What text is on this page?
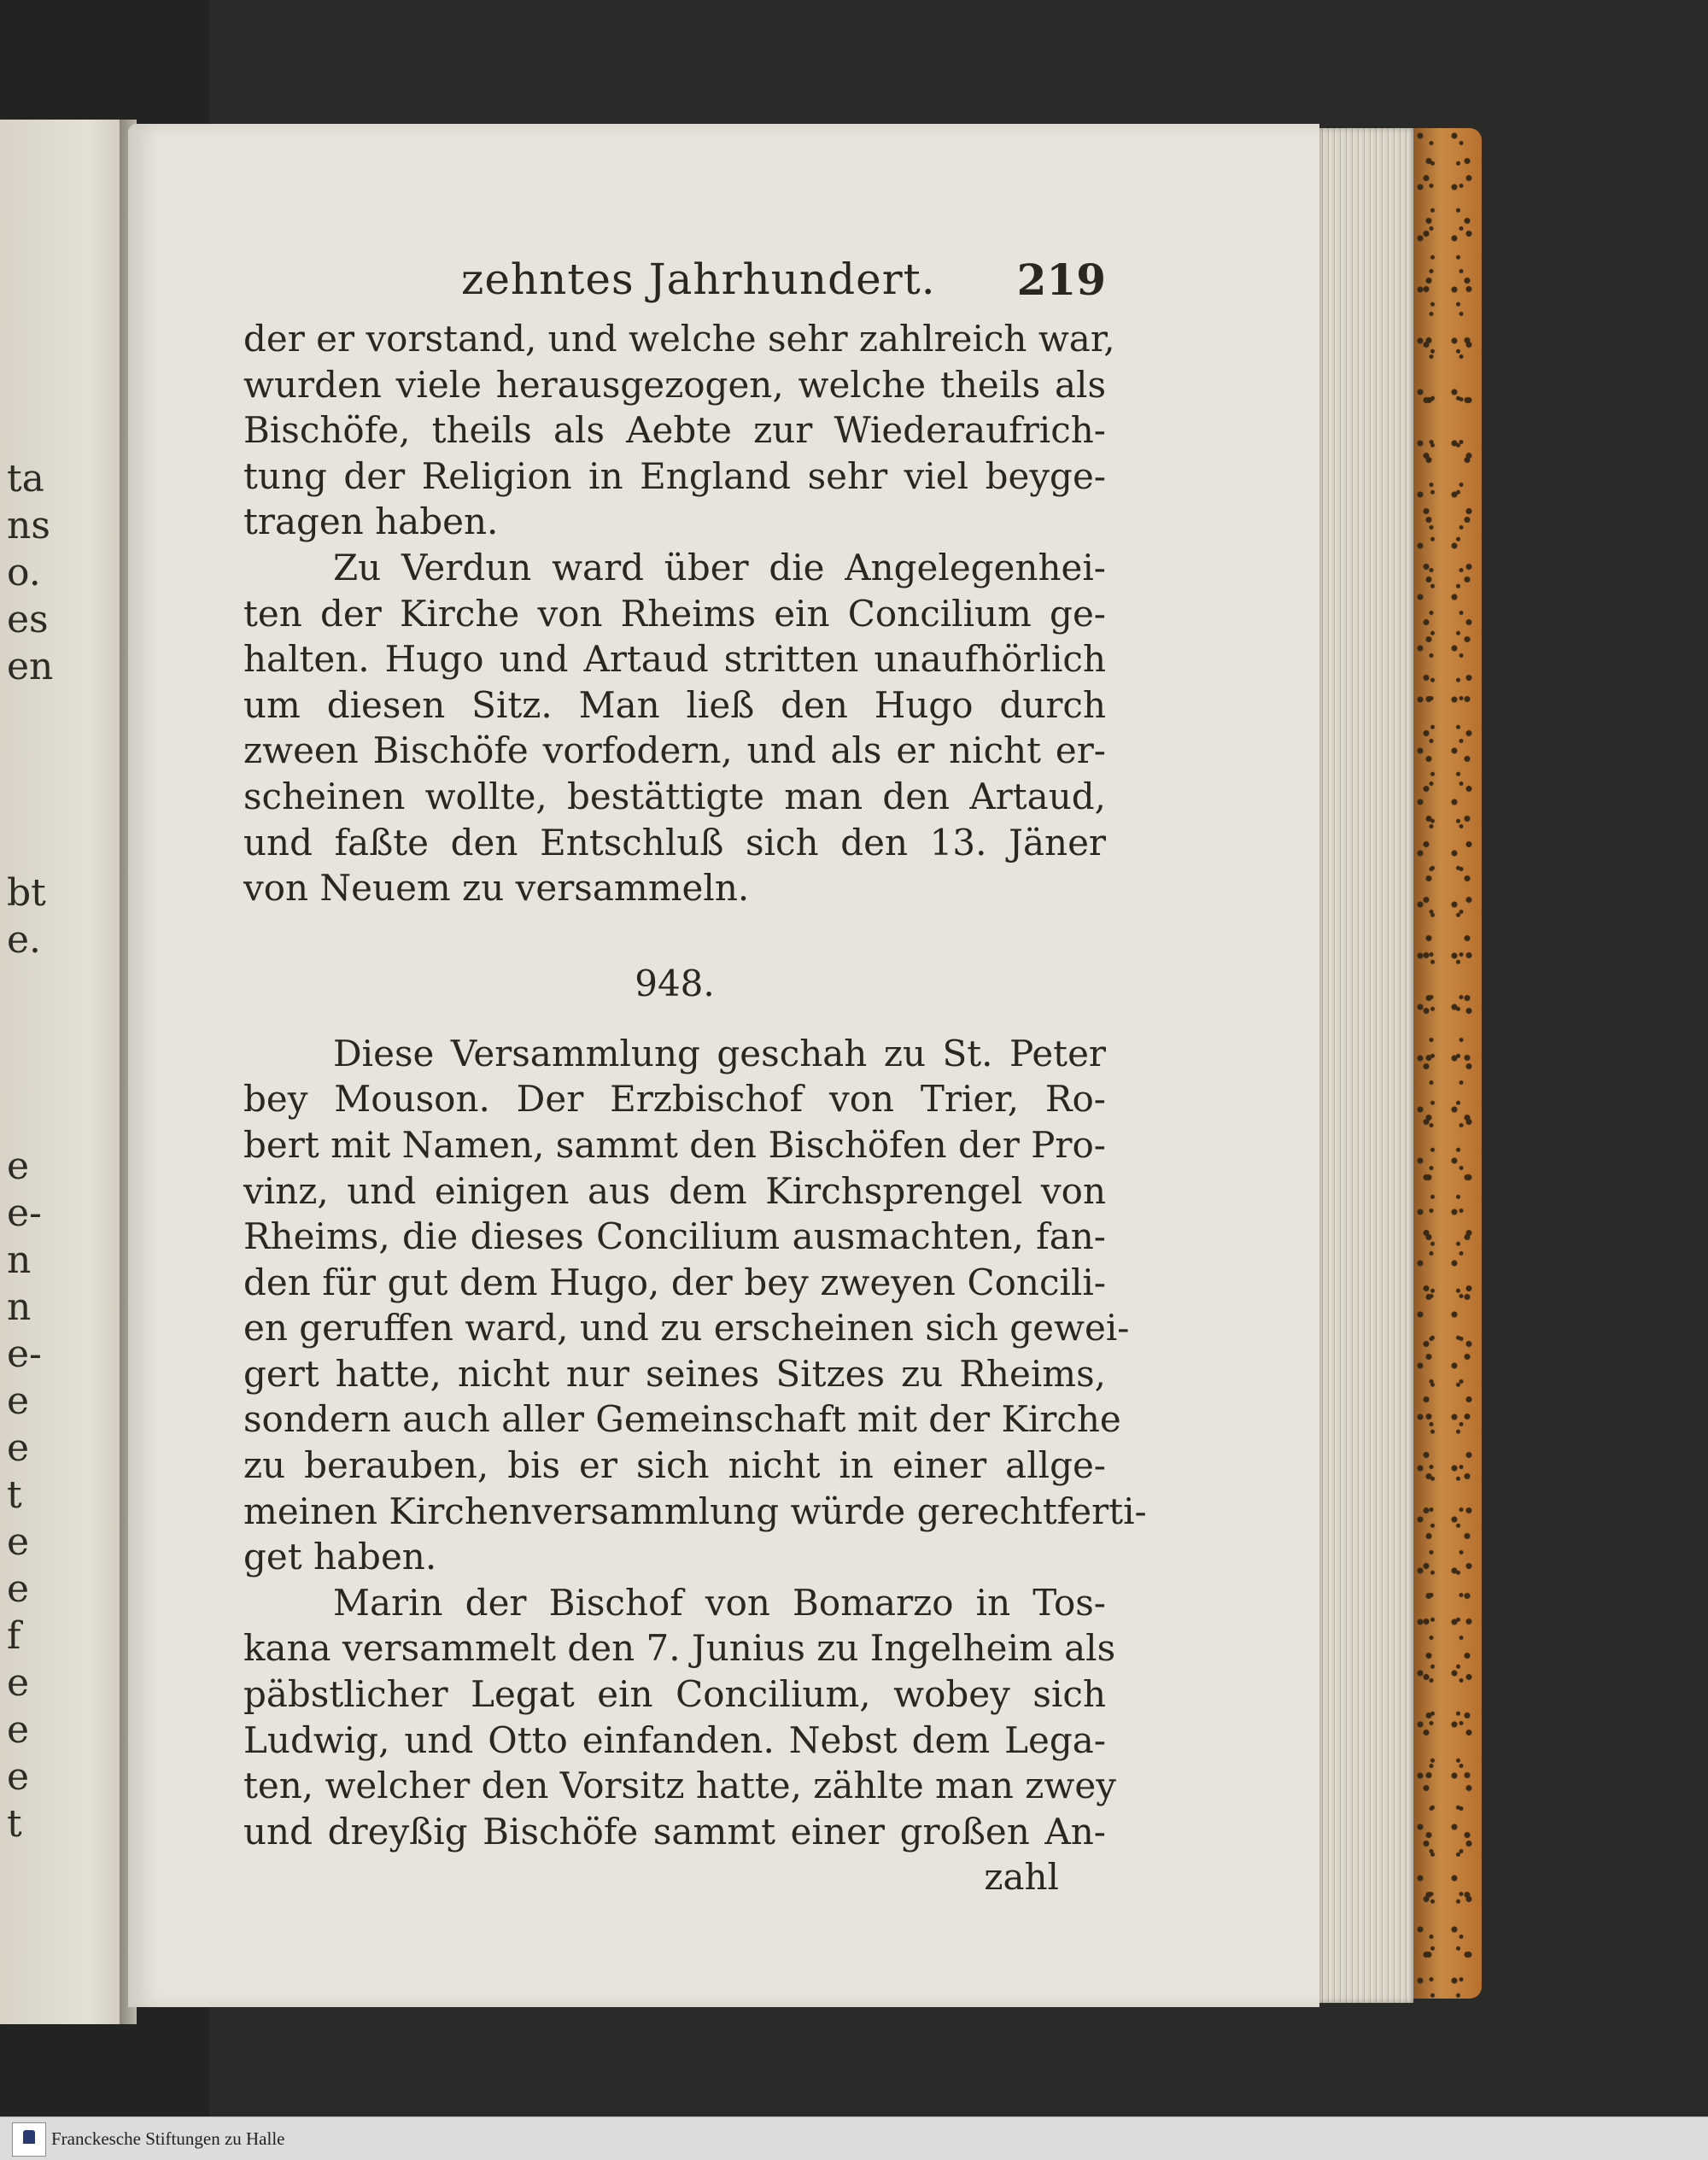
ta
ns
o.
es
en
bt
e.
e
e-
n
n
e-
e
e
t
e
e
f
e
e
e
t
zehntes Jahrhundert. 219
der er vorstand, und welche sehr zahlreich war,
wurden viele herausgezogen, welche theils als
Bischöfe, theils als Aebte zur Wiederaufrich-
tung der Religion in England sehr viel beyge-
tragen haben.
Zu Verdun ward über die Angelegenhei-
ten der Kirche von Rheims ein Concilium ge-
halten. Hugo und Artaud stritten unaufhörlich
um diesen Sitz. Man ließ den Hugo durch
zween Bischöfe vorfodern, und als er nicht er-
scheinen wollte, bestättigte man den Artaud,
und faßte den Entschluß sich den 13. Jäner
von Neuem zu versammeln.
948.
Diese Versammlung geschah zu St. Peter
bey Mouson. Der Erzbischof von Trier, Ro-
bert mit Namen, sammt den Bischöfen der Pro-
vinz, und einigen aus dem Kirchsprengel von
Rheims, die dieses Concilium ausmachten, fan-
den für gut dem Hugo, der bey zweyen Concili-
en geruffen ward, und zu erscheinen sich gewei-
gert hatte, nicht nur seines Sitzes zu Rheims,
sondern auch aller Gemeinschaft mit der Kirche
zu berauben, bis er sich nicht in einer allge-
meinen Kirchenversammlung würde gerechtferti-
get haben.
Marin der Bischof von Bomarzo in Tos-
kana versammelt den 7. Junius zu Ingelheim als
päbstlicher Legat ein Concilium, wobey sich
Ludwig, und Otto einfanden. Nebst dem Lega-
ten, welcher den Vorsitz hatte, zählte man zwey
und dreyßig Bischöfe sammt einer großen An-
zahl
Franckesche Stiftungen zu Halle
